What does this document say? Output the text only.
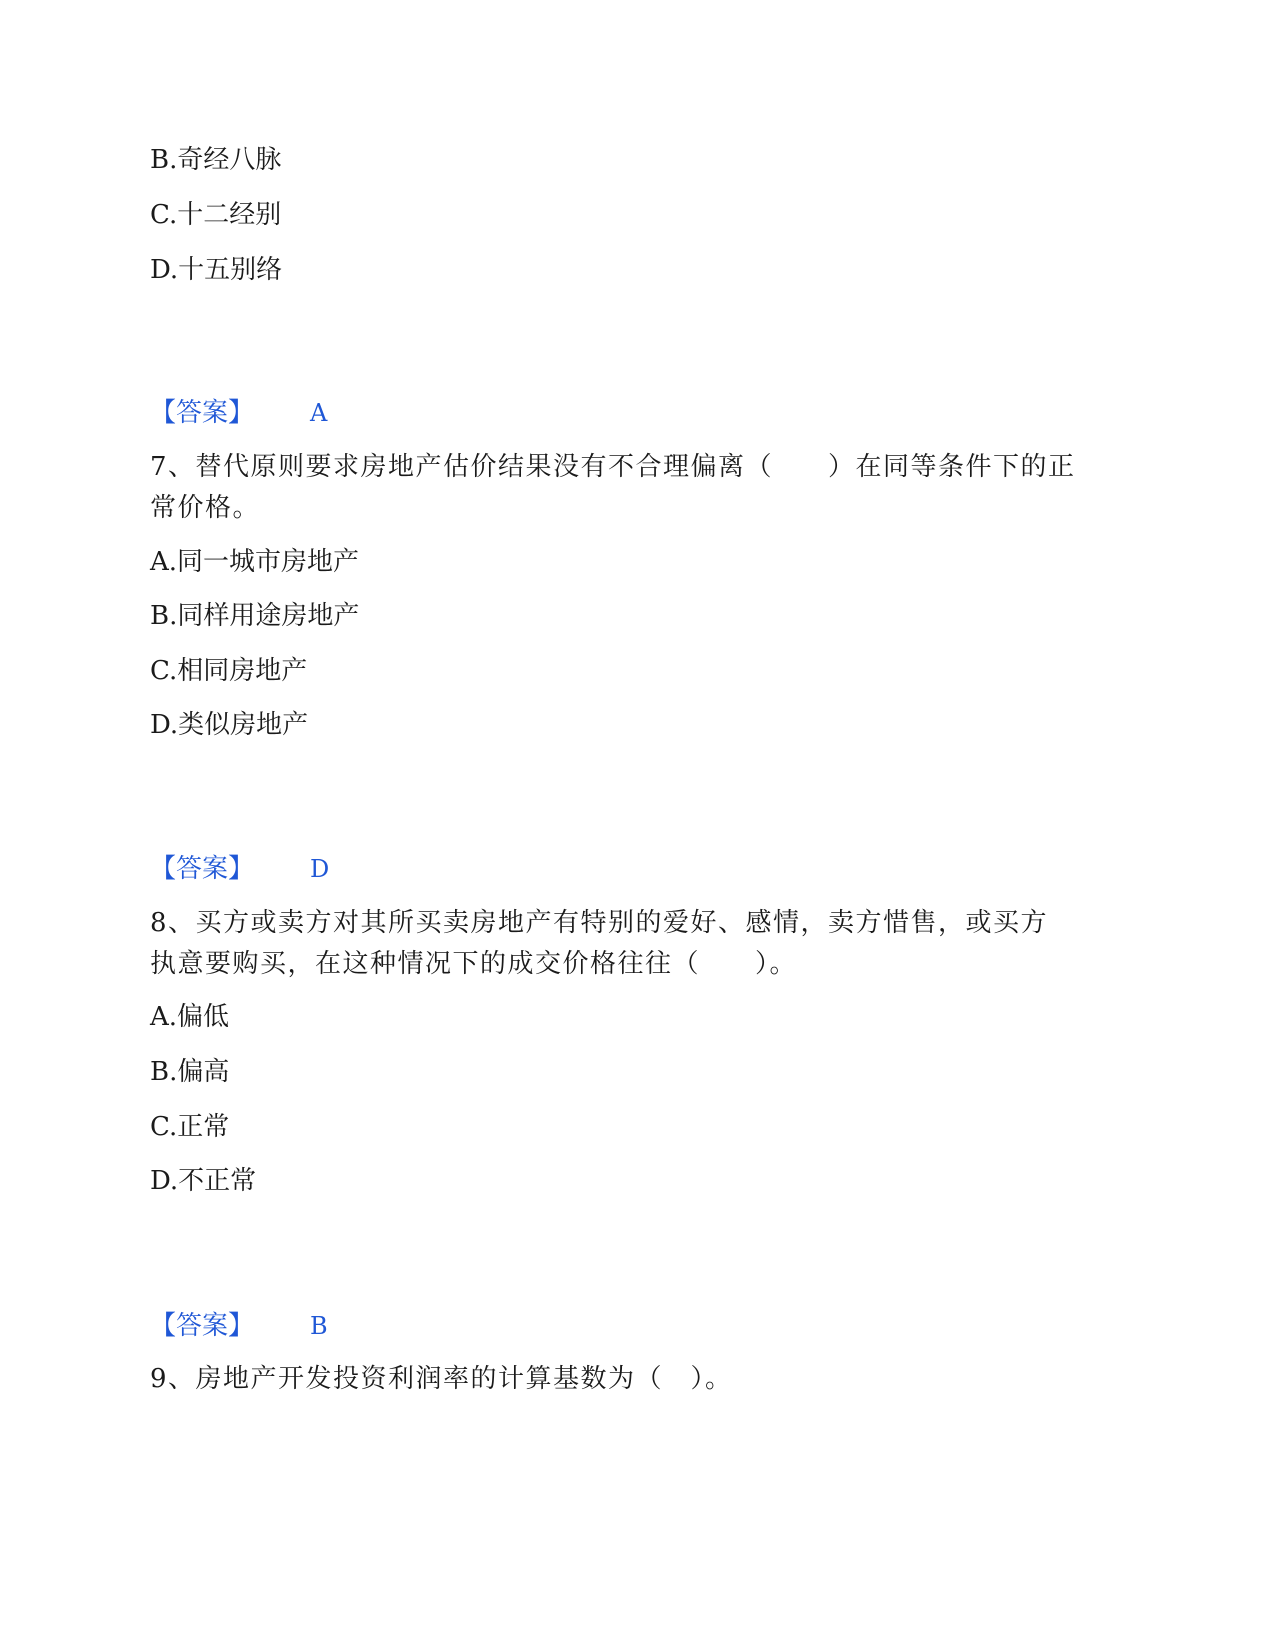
B.奇经八脉
C.十二经别
D.十五别络
【答案】 A
7、替代原则要求房地产估价结果没有不合理偏离（　　）在同等条件下的正
常价格。
A.同一城市房地产
B.同样用途房地产
C.相同房地产
D.类似房地产
【答案】 D
8、买方或卖方对其所买卖房地产有特别的爱好、感情，卖方惜售，或买方
执意要购买，在这种情况下的成交价格往往（　　）。
A.偏低
B.偏高
C.正常
D.不正常
【答案】 B
9、房地产开发投资利润率的计算基数为（　）。
